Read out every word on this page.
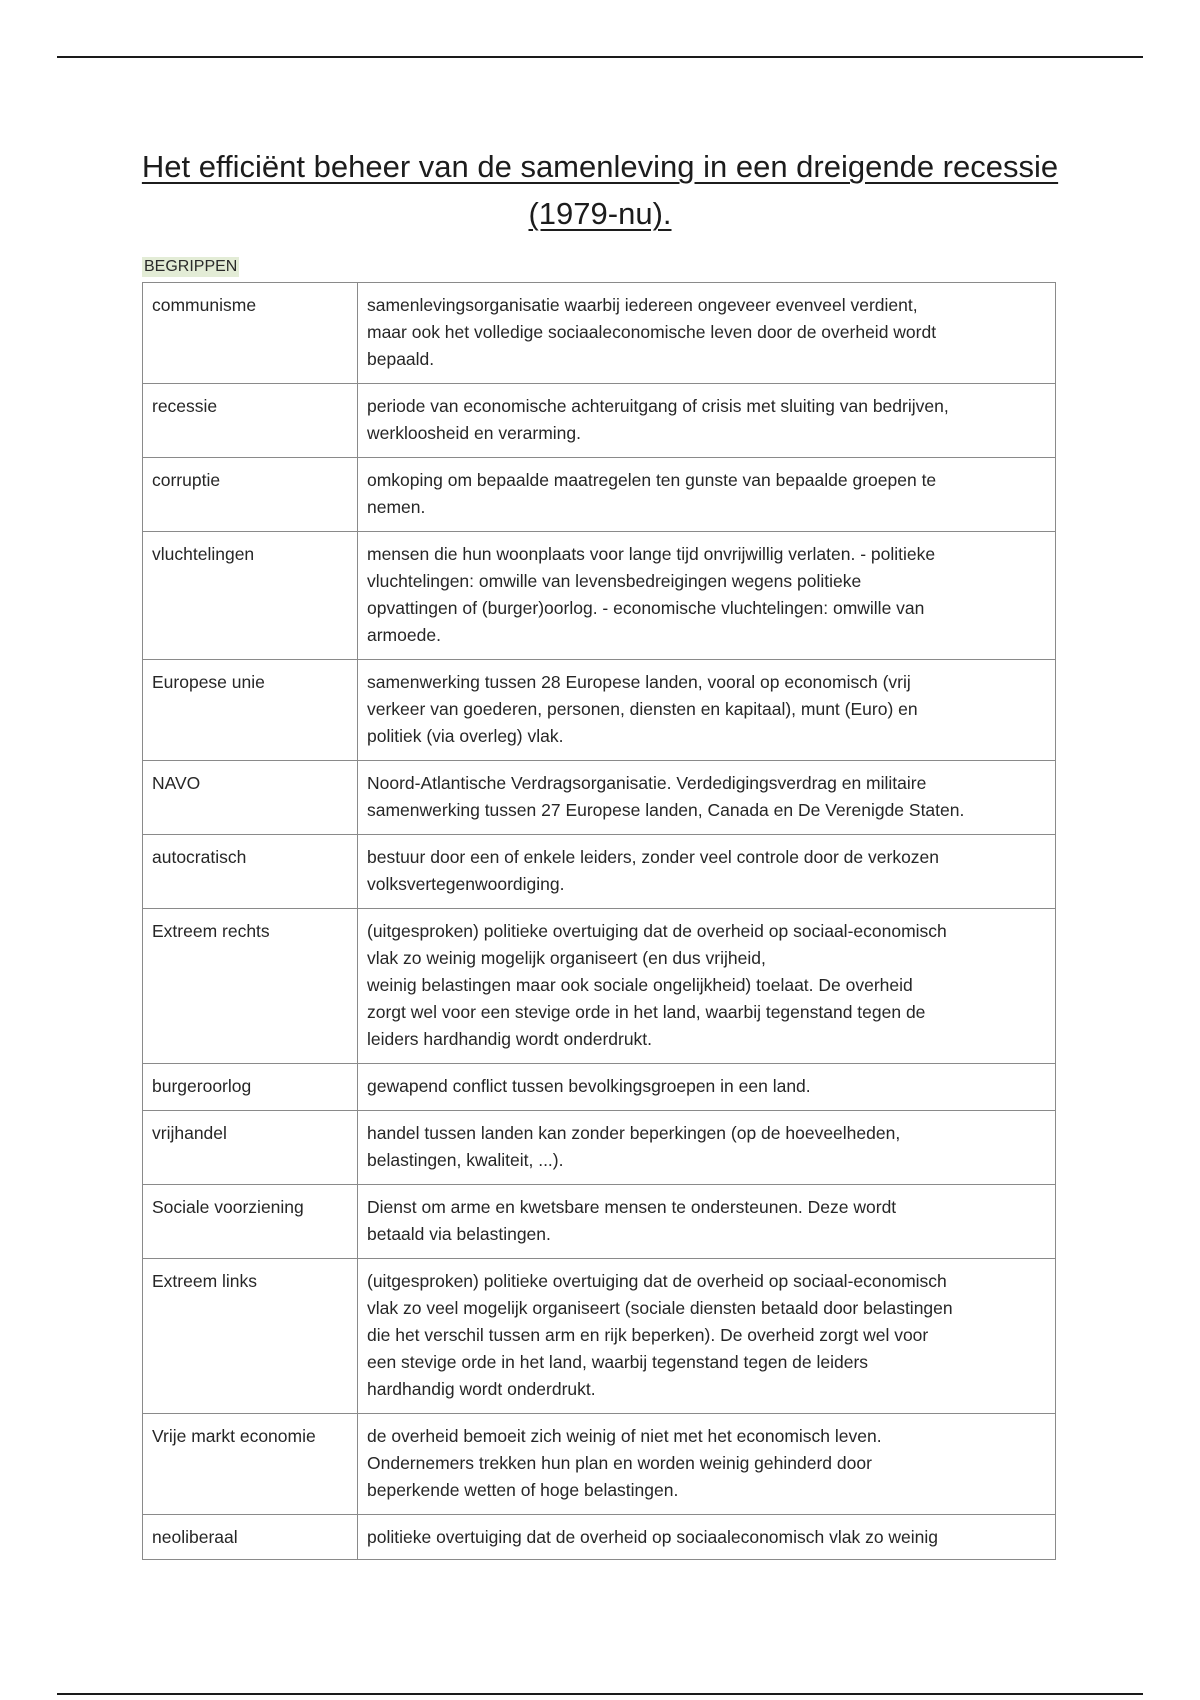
Het efficiënt beheer van de samenleving in een dreigende recessie (1979-nu).
BEGRIPPEN
communisme	samenlevingsorganisatie waarbij iedereen ongeveer evenveel verdient,
maar ook het volledige sociaaleconomische leven door de overheid wordt
bepaald.
recessie	periode van economische achteruitgang of crisis met sluiting van bedrijven,
werkloosheid en verarming.
corruptie	omkoping om bepaalde maatregelen ten gunste van bepaalde groepen te
nemen.
vluchtelingen	mensen die hun woonplaats voor lange tijd onvrijwillig verlaten. - politieke
vluchtelingen: omwille van levensbedreigingen wegens politieke
opvattingen of (burger)oorlog. - economische vluchtelingen: omwille van
armoede.
Europese unie	samenwerking tussen 28 Europese landen, vooral op economisch (vrij
verkeer van goederen, personen, diensten en kapitaal), munt (Euro) en
politiek (via overleg) vlak.
NAVO	Noord-Atlantische Verdragsorganisatie. Verdedigingsverdrag en militaire
samenwerking tussen 27 Europese landen, Canada en De Verenigde Staten.
autocratisch	bestuur door een of enkele leiders, zonder veel controle door de verkozen
volksvertegenwoordiging.
Extreem rechts	(uitgesproken) politieke overtuiging dat de overheid op sociaal-economisch
vlak zo weinig mogelijk organiseert (en dus vrijheid,
weinig belastingen maar ook sociale ongelijkheid) toelaat. De overheid
zorgt wel voor een stevige orde in het land, waarbij tegenstand tegen de
leiders hardhandig wordt onderdrukt.
burgeroorlog	gewapend conflict tussen bevolkingsgroepen in een land.
vrijhandel	handel tussen landen kan zonder beperkingen (op de hoeveelheden,
belastingen, kwaliteit, ...).
Sociale voorziening	Dienst om arme en kwetsbare mensen te ondersteunen. Deze wordt
betaald via belastingen.
Extreem links	(uitgesproken) politieke overtuiging dat de overheid op sociaal-economisch
vlak zo veel mogelijk organiseert (sociale diensten betaald door belastingen
die het verschil tussen arm en rijk beperken). De overheid zorgt wel voor
een stevige orde in het land, waarbij tegenstand tegen de leiders
hardhandig wordt onderdrukt.
Vrije markt economie	de overheid bemoeit zich weinig of niet met het economisch leven.
Ondernemers trekken hun plan en worden weinig gehinderd door
beperkende wetten of hoge belastingen.
neoliberaal	politieke overtuiging dat de overheid op sociaaleconomisch vlak zo weinig
